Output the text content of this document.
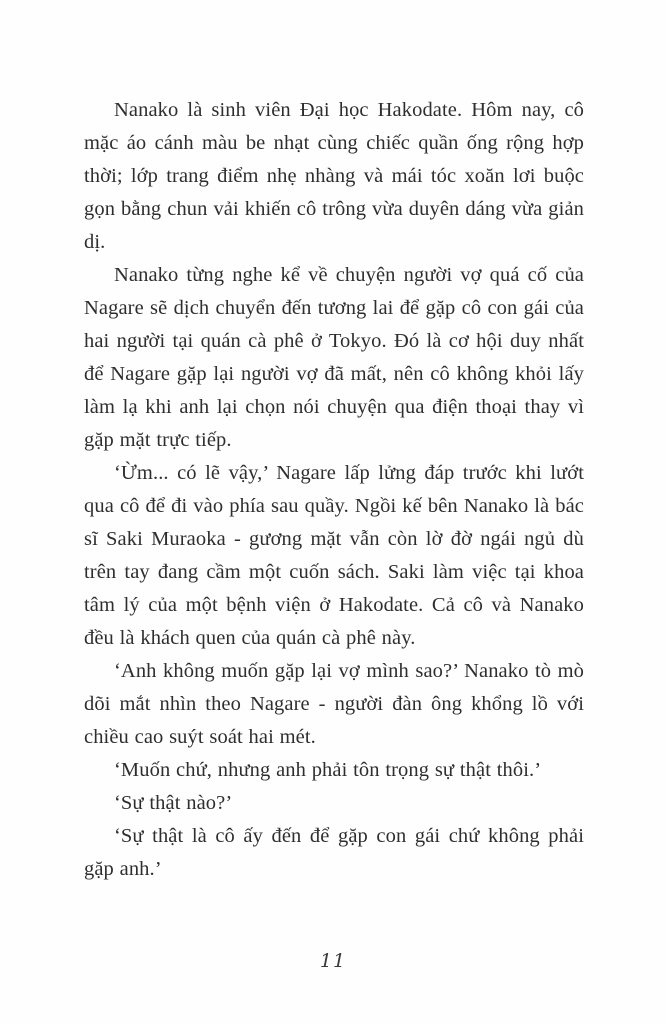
Nanako là sinh viên Đại học Hakodate. Hôm nay, cô mặc áo cánh màu be nhạt cùng chiếc quần ống rộng hợp thời; lớp trang điểm nhẹ nhàng và mái tóc xoăn lơi buộc gọn bằng chun vải khiến cô trông vừa duyên dáng vừa giản dị.

Nanako từng nghe kể về chuyện người vợ quá cố của Nagare sẽ dịch chuyển đến tương lai để gặp cô con gái của hai người tại quán cà phê ở Tokyo. Đó là cơ hội duy nhất để Nagare gặp lại người vợ đã mất, nên cô không khỏi lấy làm lạ khi anh lại chọn nói chuyện qua điện thoại thay vì gặp mặt trực tiếp.

‘Ừm... có lẽ vậy,’ Nagare lấp lửng đáp trước khi lướt qua cô để đi vào phía sau quầy. Ngồi kế bên Nanako là bác sĩ Saki Muraoka - gương mặt vẫn còn lờ đờ ngái ngủ dù trên tay đang cầm một cuốn sách. Saki làm việc tại khoa tâm lý của một bệnh viện ở Hakodate. Cả cô và Nanako đều là khách quen của quán cà phê này.

‘Anh không muốn gặp lại vợ mình sao?’ Nanako tò mò dõi mắt nhìn theo Nagare - người đàn ông khổng lồ với chiều cao suýt soát hai mét.

‘Muốn chứ, nhưng anh phải tôn trọng sự thật thôi.’

‘Sự thật nào?’

‘Sự thật là cô ấy đến để gặp con gái chứ không phải gặp anh.’

11
